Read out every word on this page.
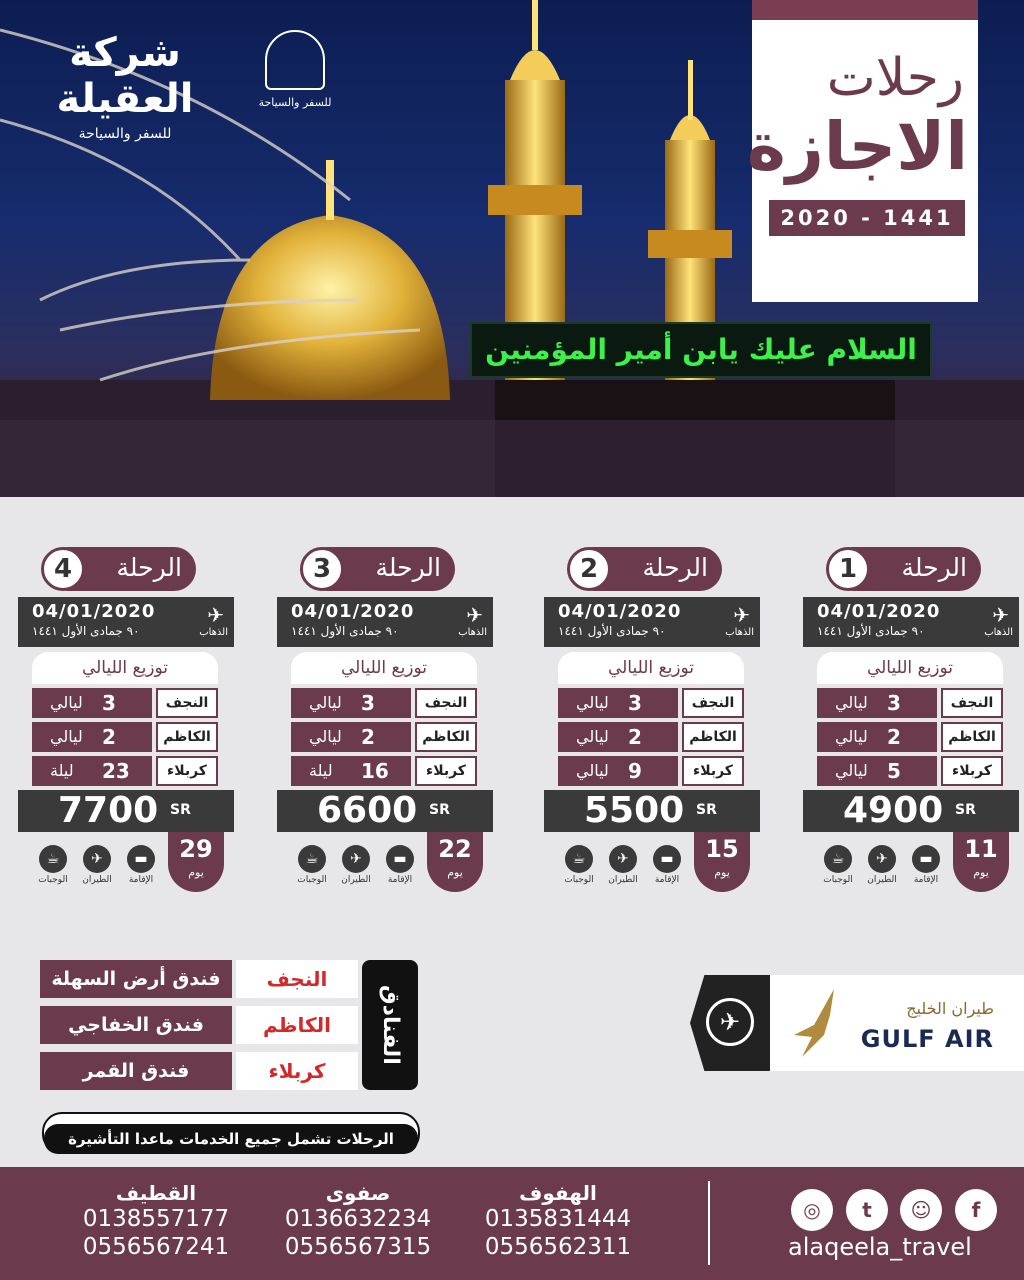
السلام عليك يابن أمير المؤمنين
شركة العقيلة
للسفر والسياحة
للسفر والسياحة	رحلات
الاجازة
2020 - 1441
الرحلة
1
04/01/2020
٩٠ جمادى الأول ١٤٤١
✈
الذهاب
توزيع الليالي
النجف
3
ليالي
الكاظم
2
ليالي
كربلاء
5
ليالي
4900 SR
11
يوم
▬
الإقامة
✈
الطيران
☕
الوجبات
الرحلة
2
04/01/2020
٩٠ جمادى الأول ١٤٤١
✈
الذهاب
توزيع الليالي
النجف
3
ليالي
الكاظم
2
ليالي
كربلاء
9
ليالي
5500 SR
15
يوم
▬
الإقامة
✈
الطيران
☕
الوجبات
الرحلة
3
04/01/2020
٩٠ جمادى الأول ١٤٤١
✈
الذهاب
توزيع الليالي
النجف
3
ليالي
الكاظم
2
ليالي
كربلاء
16
ليلة
6600 SR
22
يوم
▬
الإقامة
✈
الطيران
☕
الوجبات
الرحلة
4
04/01/2020
٩٠ جمادى الأول ١٤٤١
✈
الذهاب
توزيع الليالي
النجف
3
ليالي
الكاظم
2
ليالي
كربلاء
23
ليلة
7700 SR
29
يوم
▬
الإقامة
✈
الطيران
☕
الوجبات
الفنادق
النجف
فندق أرض السهلة
الكاظم
فندق الخفاجي
كربلاء
فندق القمر
الرحلات تشمل جميع الخدمات ماعدا التأشيرة
✈	طيران الخليج
GULF AIR
الهفوف
0135831444
0556562311
صفوى
0136632234
0556567315
القطيف
0138557177
0556567241
f
☺
t
◎
alaqeela_travel
